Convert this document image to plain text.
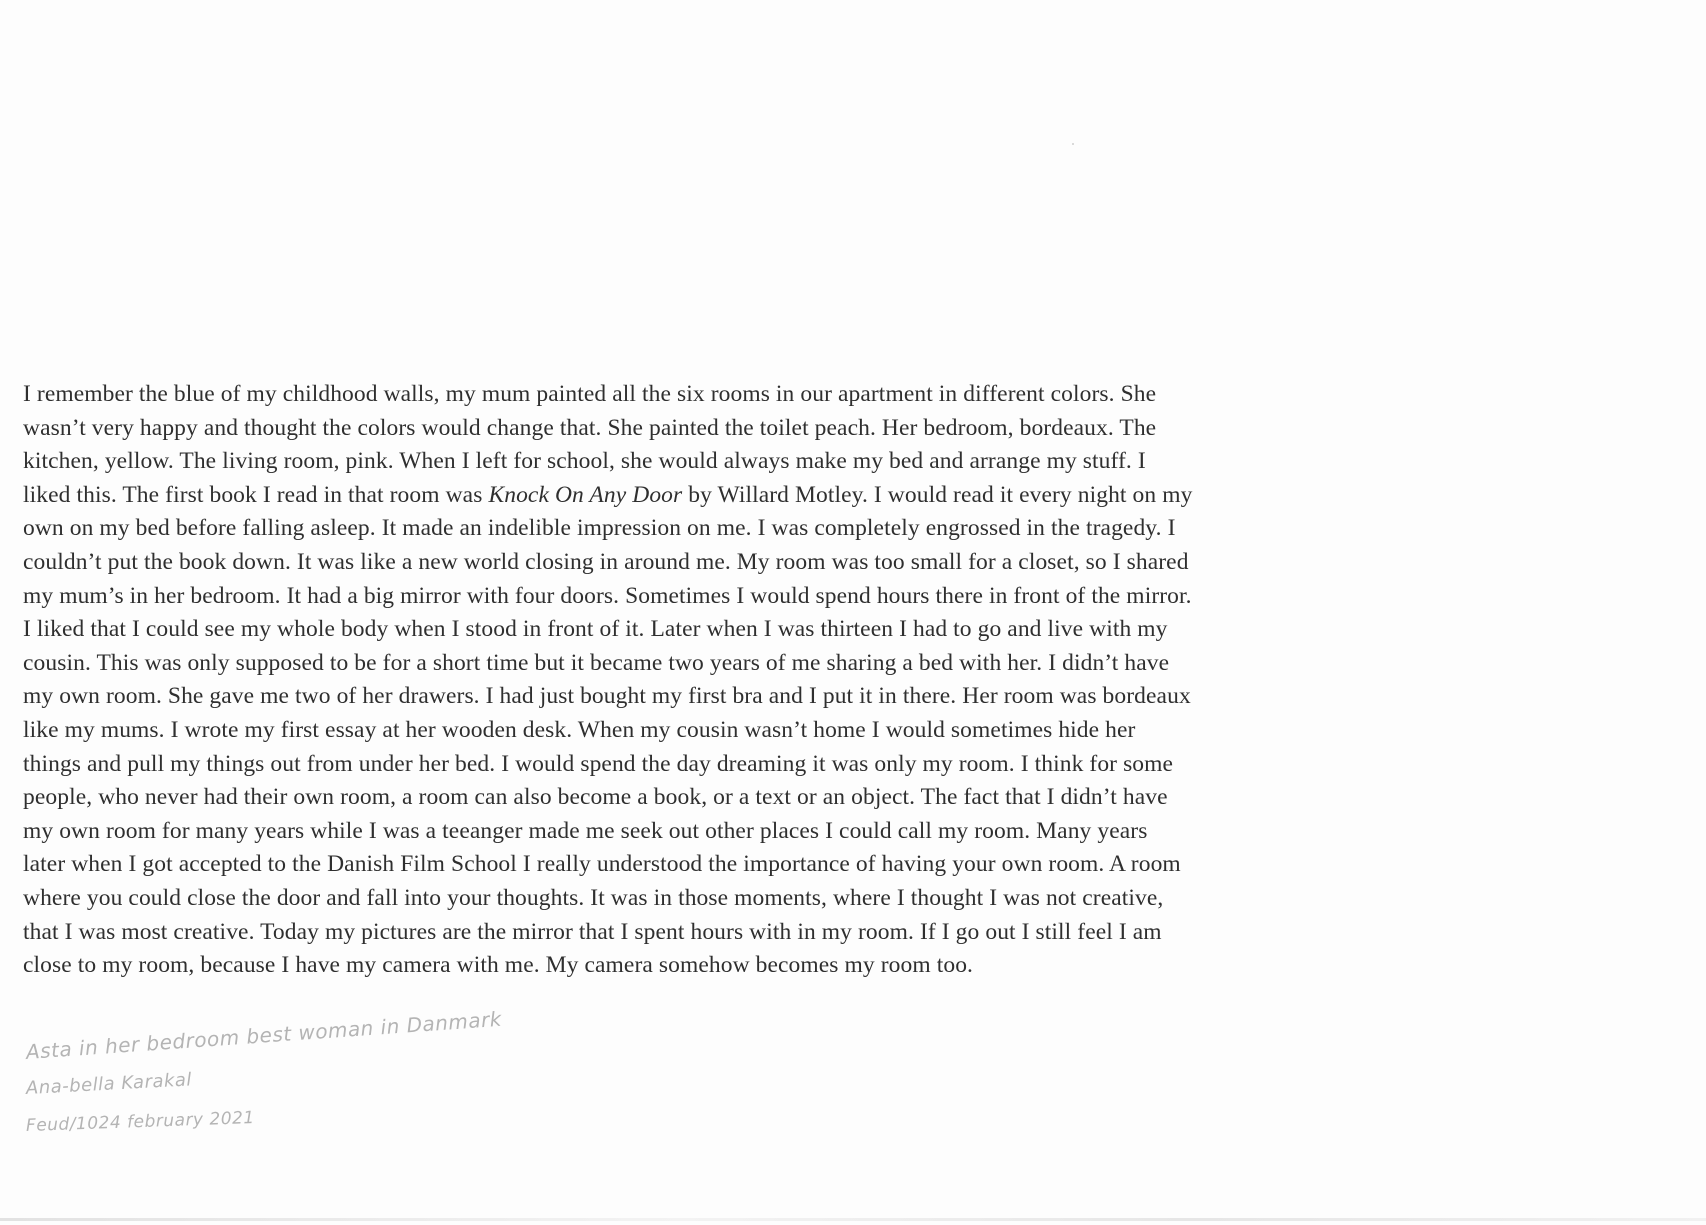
I remember the blue of my childhood walls, my mum painted all the six rooms in our apartment in different colors. She
wasn’t very happy and thought the colors would change that. She painted the toilet peach. Her bedroom, bordeaux. The
kitchen, yellow. The living room, pink. When I left for school, she would always make my bed and arrange my stuff. I
liked this. The first book I read in that room was Knock On Any Door by Willard Motley. I would read it every night on my
own on my bed before falling asleep. It made an indelible impression on me. I was completely engrossed in the tragedy. I
couldn’t put the book down. It was like a new world closing in around me. My room was too small for a closet, so I shared
my mum’s in her bedroom. It had a big mirror with four doors. Sometimes I would spend hours there in front of the mirror.
I liked that I could see my whole body when I stood in front of it. Later when I was thirteen I had to go and live with my
cousin. This was only supposed to be for a short time but it became two years of me sharing a bed with her. I didn’t have
my own room. She gave me two of her drawers. I had just bought my first bra and I put it in there. Her room was bordeaux
like my mums. I wrote my first essay at her wooden desk. When my cousin wasn’t home I would sometimes hide her
things and pull my things out from under her bed. I would spend the day dreaming it was only my room. I think for some
people, who never had their own room, a room can also become a book, or a text or an object. The fact that I didn’t have
my own room for many years while I was a teeanger made me seek out other places I could call my room. Many years
later when I got accepted to the Danish Film School I really understood the importance of having your own room. A room
where you could close the door and fall into your thoughts. It was in those moments, where I thought I was not creative,
that I was most creative. Today my pictures are the mirror that I spent hours with in my room. If I go out I still feel I am
close to my room, because I have my camera with me. My camera somehow becomes my room too.
Asta in her bedroom best woman in Danmark
Ana-bella Karakal
Feud/1024 february 2021
